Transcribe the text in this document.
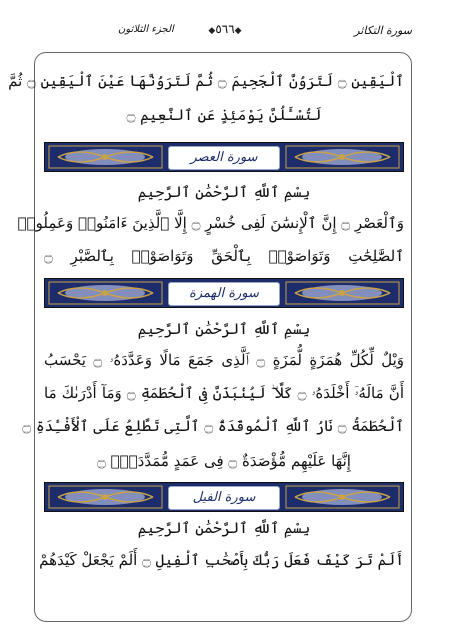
سورة التكاثر
◆٥٦٦◆
الجزء الثلاثون
ٱلْيَقِينِ ۝ لَتَرَوُنَّ ٱلْجَحِيمَ ۝ ثُمَّ لَتَرَوُنَّهَا عَيْنَ ٱلْيَقِينِ ۝ ثُمَّ
لَتُسْـَٔلُنَّ يَوْمَئِذٍ عَنِ ٱلنَّعِيمِ ۝
سورة العصر
بِسْمِ ٱللَّهِ ٱلرَّحْمَٰنِ ٱلرَّحِيمِ
وَٱلْعَصْرِ ۝ إِنَّ ٱلْإِنسَٰنَ لَفِى خُسْرٍ ۝ إِلَّا ٱلَّذِينَ ءَامَنُوا۟ وَعَمِلُوا۟
ٱلصَّٰلِحَٰتِ وَتَوَاصَوْا۟ بِٱلْحَقِّ وَتَوَاصَوْا۟ بِٱلصَّبْرِ ۝
سورة الهمزة
بِسْمِ ٱللَّهِ ٱلرَّحْمَٰنِ ٱلرَّحِيمِ
وَيْلٌ لِّكُلِّ هُمَزَةٍ لُّمَزَةٍ ۝ ٱلَّذِى جَمَعَ مَالًا وَعَدَّدَهُۥ ۝ يَحْسَبُ
أَنَّ مَالَهُۥٓ أَخْلَدَهُۥ ۝ كَلَّا ۖ لَيُنۢبَذَنَّ فِى ٱلْحُطَمَةِ ۝ وَمَآ أَدْرَىٰكَ مَا
ٱلْحُطَمَةُ ۝ نَارُ ٱللَّهِ ٱلْمُوقَدَةُ ۝ ٱلَّتِى تَطَّلِعُ عَلَى ٱلْأَفْـِٔدَةِ ۝
إِنَّهَا عَلَيْهِم مُّؤْصَدَةٌ ۝ فِى عَمَدٍ مُّمَدَّدَةٍۭ ۝
سورة الفيل
بِسْمِ ٱللَّهِ ٱلرَّحْمَٰنِ ٱلرَّحِيمِ
أَلَمْ تَرَ كَيْفَ فَعَلَ رَبُّكَ بِأَصْحَٰبِ ٱلْفِيلِ ۝ أَلَمْ يَجْعَلْ كَيْدَهُمْ
